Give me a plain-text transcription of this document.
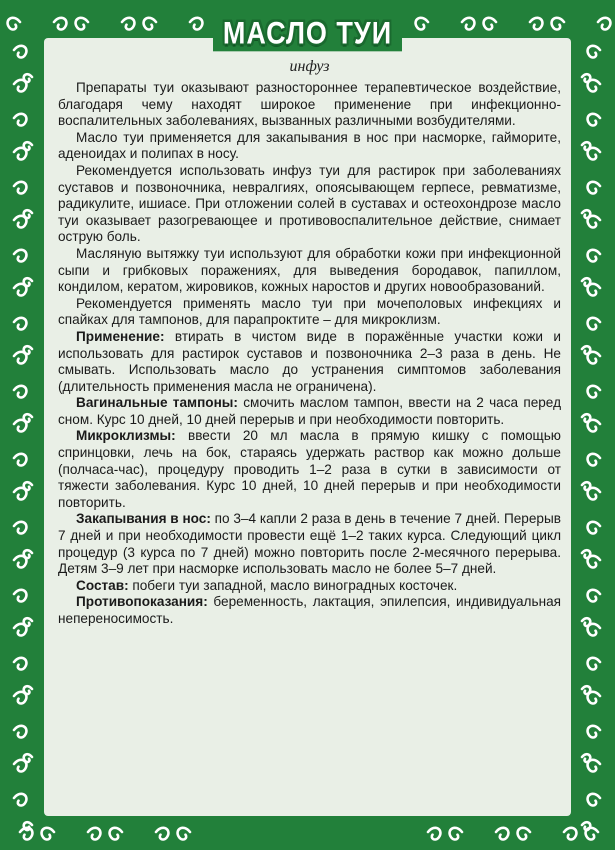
МАСЛО ТУИ
инфуз

Препараты туи оказывают разностороннее терапевтическое воздействие, благодаря чему находят широкое применение при инфекционно-воспалительных заболеваниях, вызванных различными возбудителями.

Масло туи применяется для закапывания в нос при насморке, гайморите, аденоидах и полипах в носу.

Рекомендуется использовать инфуз туи для растирок при заболеваниях суставов и позвоночника, невралгиях, опоясывающем герпесе, ревматизме, радикулите, ишиасе. При отложении солей в суставах и остеохондрозе масло туи оказывает разогревающее и противовоспалительное действие, снимает острую боль.

Масляную вытяжку туи используют для обработки кожи при инфекционной сыпи и грибковых поражениях, для выведения бородавок, папиллом, кондилом, кератом, жировиков, кожных наростов и других новообразований.

Рекомендуется применять масло туи при мочеполовых инфекциях и спайках для тампонов, для парапроктите – для микроклизм.

Применение: втирать в чистом виде в поражённые участки кожи и использовать для растирок суставов и позвоночника 2–3 раза в день. Не смывать. Использовать масло до устранения симптомов заболевания (длительность применения масла не ограничена).

Вагинальные тампоны: смочить маслом тампон, ввести на 2 часа перед сном. Курс 10 дней, 10 дней перерыв и при необходимости повторить.

Микроклизмы: ввести 20 мл масла в прямую кишку с помощью спринцовки, лечь на бок, стараясь удержать раствор как можно дольше (полчаса-час), процедуру проводить 1–2 раза в сутки в зависимости от тяжести заболевания. Курс 10 дней, 10 дней перерыв и при необходимости повторить.

Закапывания в нос: по 3–4 капли 2 раза в день в течение 7 дней. Перерыв 7 дней и при необходимости провести ещё 1–2 таких курса. Следующий цикл процедур (3 курса по 7 дней) можно повторить после 2-месячного перерыва. Детям 3–9 лет при насморке использовать масло не более 5–7 дней.

Состав: побеги туи западной, масло виноградных косточек.

Противопоказания: беременность, лактация, эпилепсия, индивидуальная непереносимость.
